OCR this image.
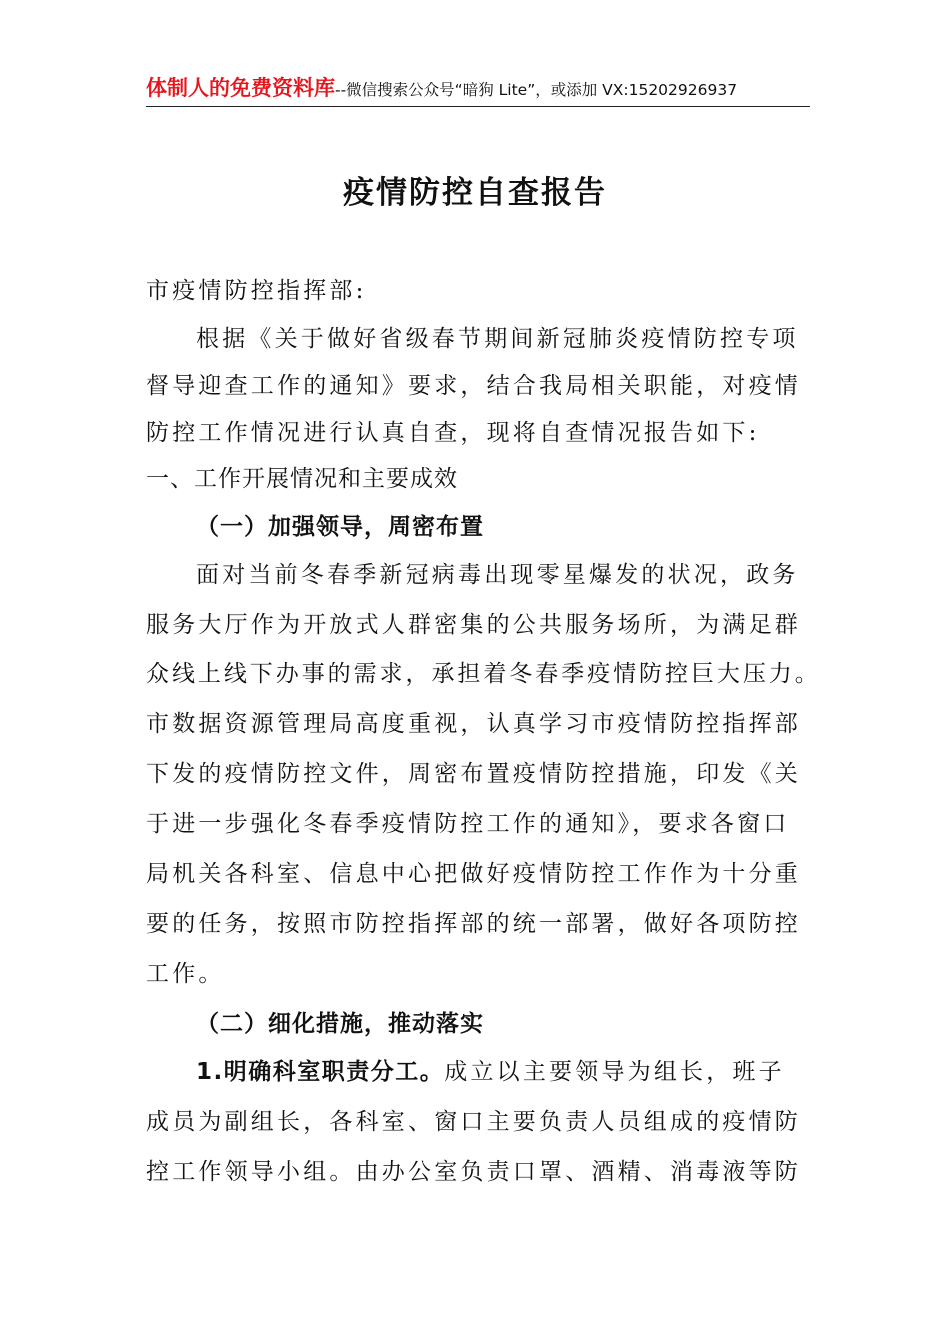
体制人的免费资料库--微信搜索公众号“暗狗 Lite”，或添加 VX:15202926937
疫情防控自查报告
市疫情防控指挥部:
根据《关于做好省级春节期间新冠肺炎疫情防控专项
督导迎查工作的通知》要求，结合我局相关职能，对疫情
防控工作情况进行认真自查，现将自查情况报告如下:
一、工作开展情况和主要成效
（一）加强领导，周密布置
面对当前冬春季新冠病毒出现零星爆发的状况，政务
服务大厅作为开放式人群密集的公共服务场所，为满足群
众线上线下办事的需求，承担着冬春季疫情防控巨大压力。
市数据资源管理局高度重视，认真学习市疫情防控指挥部
下发的疫情防控文件，周密布置疫情防控措施，印发《关
于进一步强化冬春季疫情防控工作的通知》，要求各窗口
局机关各科室、信息中心把做好疫情防控工作作为十分重
要的任务，按照市防控指挥部的统一部署，做好各项防控
工作。
（二）细化措施，推动落实
1.明确科室职责分工。成立以主要领导为组长，班子
成员为副组长，各科室、窗口主要负责人员组成的疫情防
控工作领导小组。由办公室负责口罩、酒精、消毒液等防
